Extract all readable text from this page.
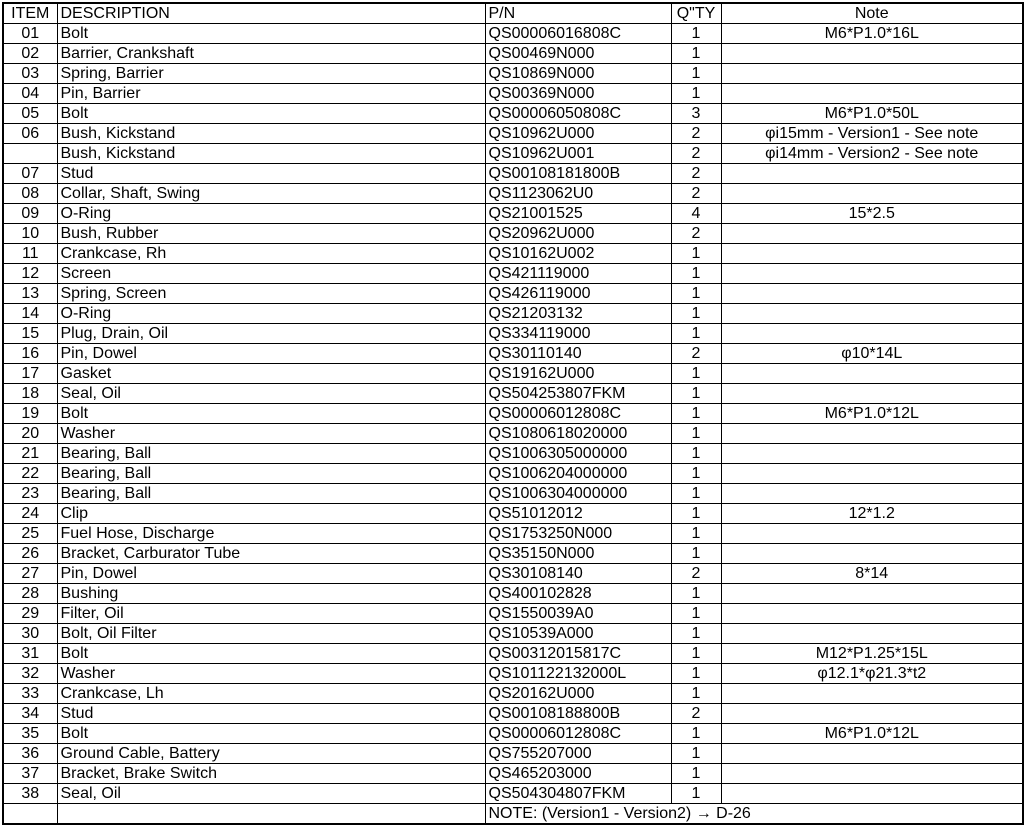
ITEM	DESCRIPTION	P/N	Q"TY	Note
01	Bolt	QS00006016808C	1	M6*P1.0*16L
02	Barrier, Crankshaft	QS00469N000	1	
03	Spring, Barrier	QS10869N000	1	
04	Pin, Barrier	QS00369N000	1	
05	Bolt	QS00006050808C	3	M6*P1.0*50L
06	Bush, Kickstand	QS10962U000	2	φi15mm - Version1 - See note
	Bush, Kickstand	QS10962U001	2	φi14mm - Version2 - See note
07	Stud	QS00108181800B	2	
08	Collar, Shaft, Swing	QS1123062U0	2	
09	O-Ring	QS21001525	4	15*2.5
10	Bush, Rubber	QS20962U000	2	
11	Crankcase, Rh	QS10162U002	1	
12	Screen	QS421119000	1	
13	Spring, Screen	QS426119000	1	
14	O-Ring	QS21203132	1	
15	Plug, Drain, Oil	QS334119000	1	
16	Pin, Dowel	QS30110140	2	φ10*14L
17	Gasket	QS19162U000	1	
18	Seal, Oil	QS504253807FKM	1	
19	Bolt	QS00006012808C	1	M6*P1.0*12L
20	Washer	QS1080618020000	1	
21	Bearing, Ball	QS1006305000000	1	
22	Bearing, Ball	QS1006204000000	1	
23	Bearing, Ball	QS1006304000000	1	
24	Clip	QS51012012	1	12*1.2
25	Fuel Hose, Discharge	QS1753250N000	1	
26	Bracket, Carburator Tube	QS35150N000	1	
27	Pin, Dowel	QS30108140	2	8*14
28	Bushing	QS400102828	1	
29	Filter, Oil	QS1550039A0	1	
30	Bolt, Oil Filter	QS10539A000	1	
31	Bolt	QS00312015817C	1	M12*P1.25*15L
32	Washer	QS101122132000L	1	φ12.1*φ21.3*t2
33	Crankcase, Lh	QS20162U000	1	
34	Stud	QS00108188800B	2	
35	Bolt	QS00006012808C	1	M6*P1.0*12L
36	Ground Cable, Battery	QS755207000	1	
37	Bracket, Brake Switch	QS465203000	1	
38	Seal, Oil	QS504304807FKM	1	
		NOTE: (Version1 - Version2) → D-26		
